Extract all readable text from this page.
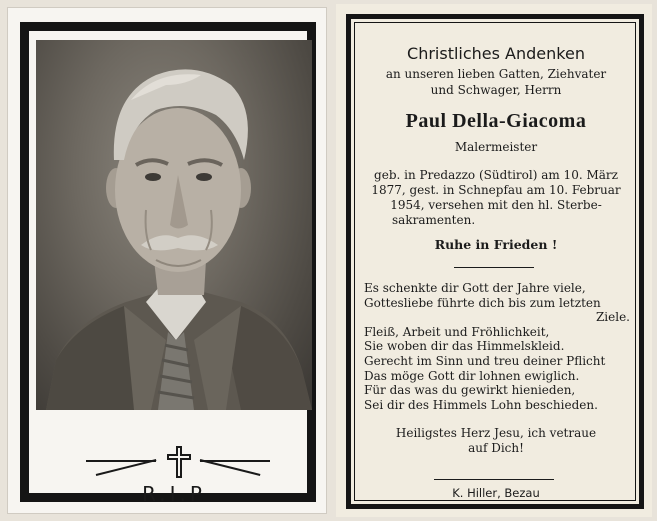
R.I.P
Christliches Andenken
an unseren lieben Gatten, Ziehvater
und Schwager, Herrn
Paul Della-Giacoma
Malermeister
geb. in Predazzo (Südtirol) am 10. März
1877, gest. in Schnepfau am 10. Februar
1954, versehen mit den hl. Sterbe-
sakramenten.
Ruhe in Frieden !
Es schenkte dir Gott der Jahre viele,
Gottesliebe führte dich bis zum letzten
Ziele.
Fleiß, Arbeit und Fröhlichkeit,
Sie woben dir das Himmelskleid.
Gerecht im Sinn und treu deiner Pflicht
Das möge Gott dir lohnen ewiglich.
Für das was du gewirkt hienieden,
Sei dir des Himmels Lohn beschieden.
Heiligstes Herz Jesu, ich vetraue
auf Dich!
K. Hiller, Bezau
